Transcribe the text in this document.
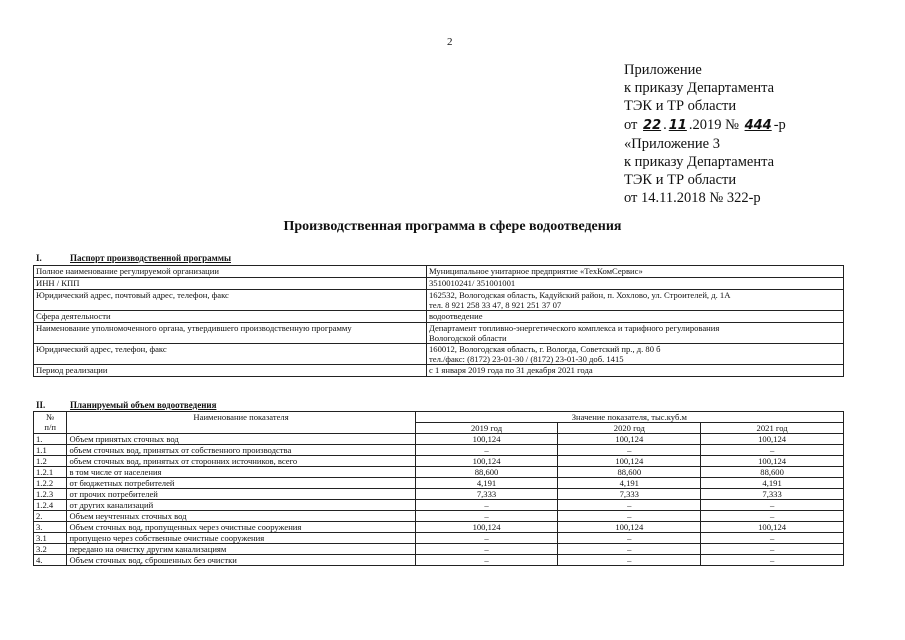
2
Приложение
к приказу Департамента
ТЭК и ТР области
от 22 . 11 .2019 № 444 -р
«Приложение 3
к приказу Департамента
ТЭК и ТР области
от 14.11.2018 № 322-р
Производственная программа в сфере водоотведения
I.	Паспорт производственной программы
Полное наименование регулируемой организации	Муниципальное унитарное предприятие «ТехКомСервис»

ИНН / КПП	3510010241/ 351001001

Юридический адрес, почтовый адрес, телефон, факс	162532, Вологодская область, Кадуйский район, п. Хохлово, ул. Строителей, д. 1А
тел. 8 921 258 33 47, 8 921 251 37 07

Сфера деятельности	водоотведение

Наименование уполномоченного органа, утвердившего производственную программу	Департамент топливно-энергетического комплекса и тарифного регулирования
Вологодской области

Юридический адрес, телефон, факс	160012, Вологодская область, г. Вологда, Советский пр., д. 80 б
тел./факс: (8172) 23-01-30 / (8172) 23-01-30 доб. 1415

Период реализации	с 1 января 2019 года по 31 декабря 2021 года
II.	Планируемый объем водоотведения
№
п/п	Наименование показателя	Значение показателя, тыс.куб.м		
		2019 год	2020 год	2021 год
1.	Объем принятых сточных вод	100,124	100,124	100,124
1.1	объем сточных вод, принятых от собственного производства	–	–	–
1.2	объем сточных вод, принятых от сторонних источников, всего	100,124	100,124	100,124
1.2.1	в том числе от населения	88,600	88,600	88,600
1.2.2	от бюджетных потребителей	4,191	4,191	4,191
1.2.3	от прочих потребителей	7,333	7,333	7,333
1.2.4	от других канализаций	–	–	–
2.	Объем неучтенных сточных вод	–	–	–
3.	Объем сточных вод, пропущенных через очистные сооружения	100,124	100,124	100,124
3.1	пропущено через собственные очистные сооружения	–	–	–
3.2	передано на очистку другим канализациям	–	–	–
4.	Объем сточных вод, сброшенных без очистки	–	–	–
